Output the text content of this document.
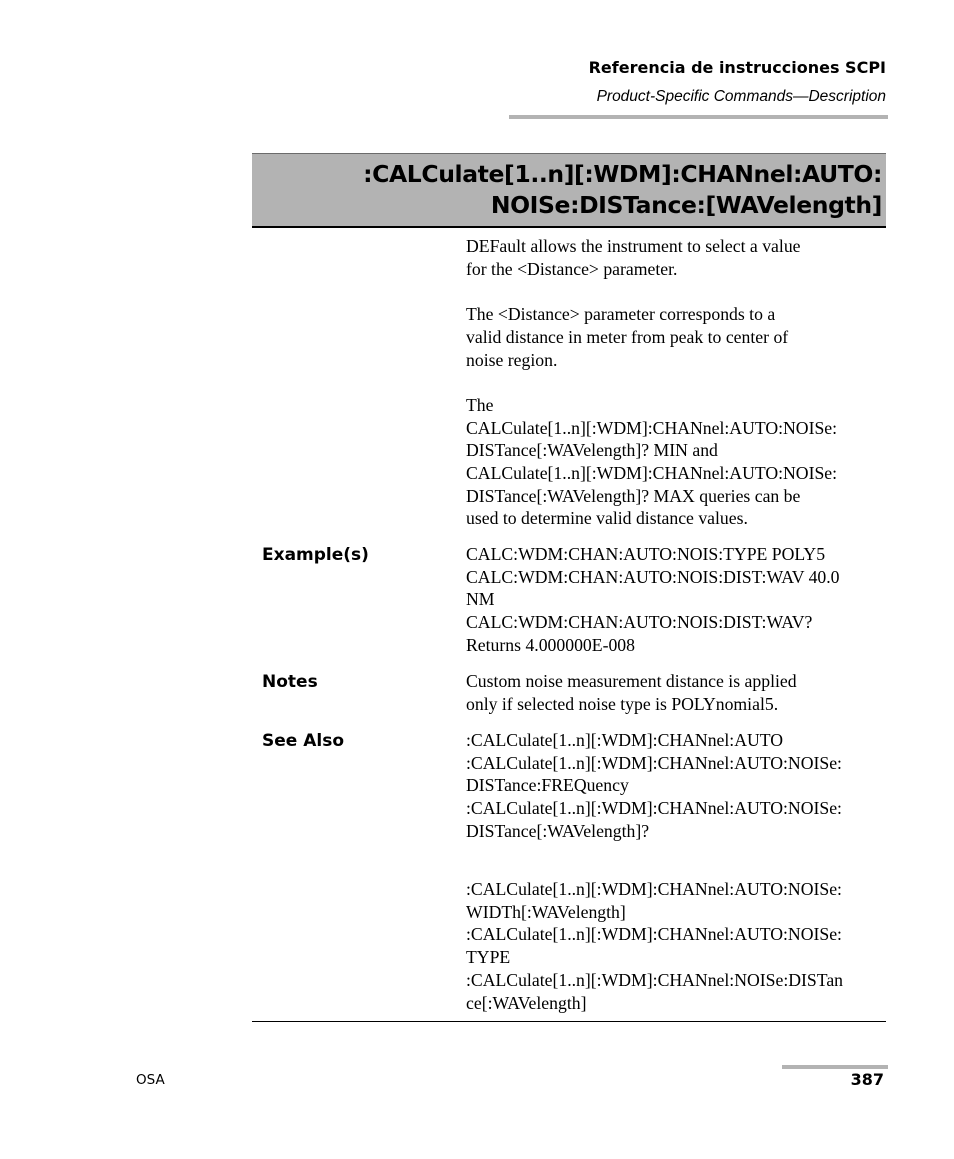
Referencia de instrucciones SCPI
Product-Specific Commands—Description
:CALCulate[1..n][:WDM]:CHANnel:AUTO:
NOISe:DISTance:[WAVelength]
DEFault allows the instrument to select a value
for the <Distance> parameter.
The <Distance> parameter corresponds to a
valid distance in meter from peak to center of
noise region.
The
CALCulate[1..n][:WDM]:CHANnel:AUTO:NOISe:
DISTance[:WAVelength]? MIN and
CALCulate[1..n][:WDM]:CHANnel:AUTO:NOISe:
DISTance[:WAVelength]? MAX queries can be
used to determine valid distance values.
Example(s)	CALC:WDM:CHAN:AUTO:NOIS:TYPE POLY5
CALC:WDM:CHAN:AUTO:NOIS:DIST:WAV 40.0
NM
CALC:WDM:CHAN:AUTO:NOIS:DIST:WAV?
Returns 4.000000E-008
Notes	Custom noise measurement distance is applied
only if selected noise type is POLYnomial5.
See Also	:CALCulate[1..n][:WDM]:CHANnel:AUTO
:CALCulate[1..n][:WDM]:CHANnel:AUTO:NOISe:
DISTance:FREQuency
:CALCulate[1..n][:WDM]:CHANnel:AUTO:NOISe:
DISTance[:WAVelength]?
:CALCulate[1..n][:WDM]:CHANnel:AUTO:NOISe:
WIDTh[:WAVelength]
:CALCulate[1..n][:WDM]:CHANnel:AUTO:NOISe:
TYPE
:CALCulate[1..n][:WDM]:CHANnel:NOISe:DISTan
ce[:WAVelength]
OSA	387
